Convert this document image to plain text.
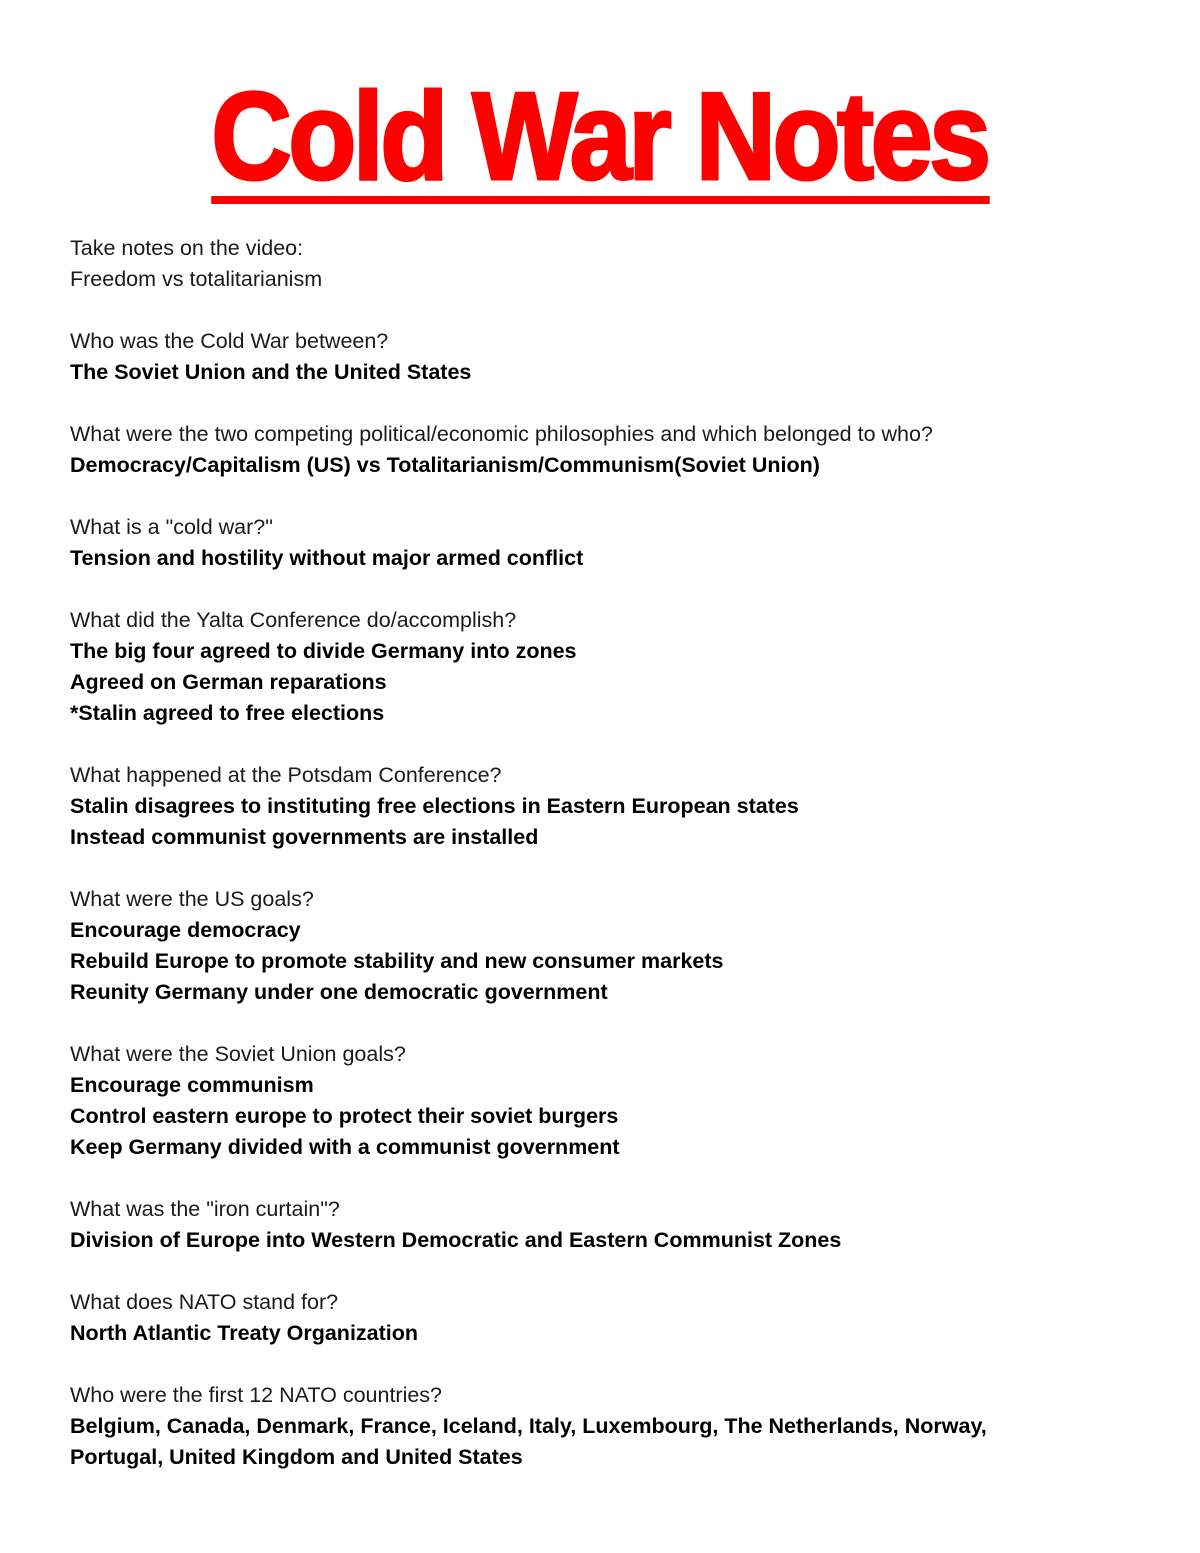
Cold War Notes

Take notes on the video:

Freedom vs totalitarianism

Who was the Cold War between?

The Soviet Union and the United States

What were the two competing political/economic philosophies and which belonged to who?

Democracy/Capitalism (US) vs Totalitarianism/Communism(Soviet Union)

What is a "cold war?"

Tension and hostility without major armed conflict

What did the Yalta Conference do/accomplish?

The big four agreed to divide Germany into zones

Agreed on German reparations

*Stalin agreed to free elections

What happened at the Potsdam Conference?

Stalin disagrees to instituting free elections in Eastern European states

Instead communist governments are installed

What were the US goals?

Encourage democracy

Rebuild Europe to promote stability and new consumer markets

Reunity Germany under one democratic government

What were the Soviet Union goals?

Encourage communism

Control eastern europe to protect their soviet burgers

Keep Germany divided with a communist government

What was the "iron curtain"?

Division of Europe into Western Democratic and Eastern Communist Zones

What does NATO stand for?

North Atlantic Treaty Organization

Who were the first 12 NATO countries?

Belgium, Canada, Denmark, France, Iceland, Italy, Luxembourg, The Netherlands, Norway,

Portugal, United Kingdom and United States
